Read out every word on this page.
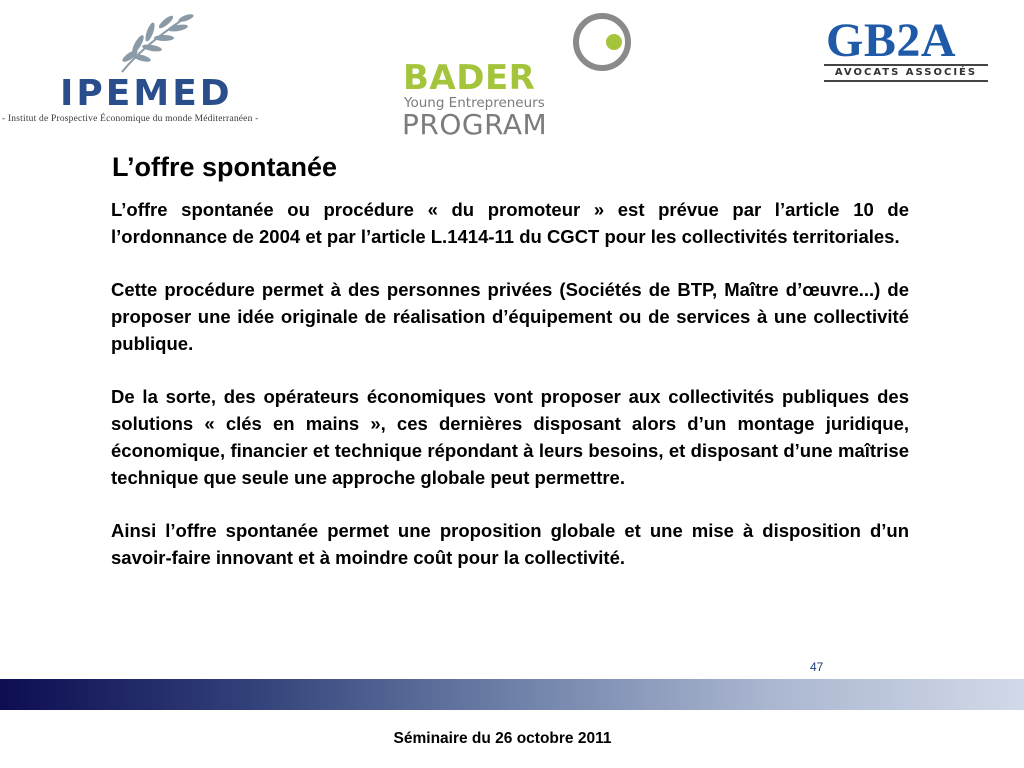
IPEMED
- Institut de Prospective Économique du monde Méditerranéen -
BADER
Young Entrepreneurs
PROGRAM
GB2A
AVOCATS ASSOCIÉS
L’offre spontanée

L’offre spontanée ou procédure « du promoteur » est prévue par l’article 10 de l’ordonnance de 2004 et par l’article L.1414-11 du CGCT pour les collectivités territoriales.

Cette procédure permet à des personnes privées (Sociétés de BTP, Maître d’œuvre...) de proposer une idée originale de réalisation d’équipement ou de services à une collectivité publique.

De la sorte, des opérateurs économiques vont proposer aux collectivités publiques des solutions « clés en mains », ces dernières disposant alors d’un montage juridique, économique, financier et technique répondant à leurs besoins, et disposant d’une maîtrise technique que seule une approche globale peut permettre.

Ainsi l’offre spontanée permet une proposition globale et une mise à disposition d’un savoir-faire innovant et à moindre coût pour la collectivité.

47
Séminaire du 26 octobre 2011
